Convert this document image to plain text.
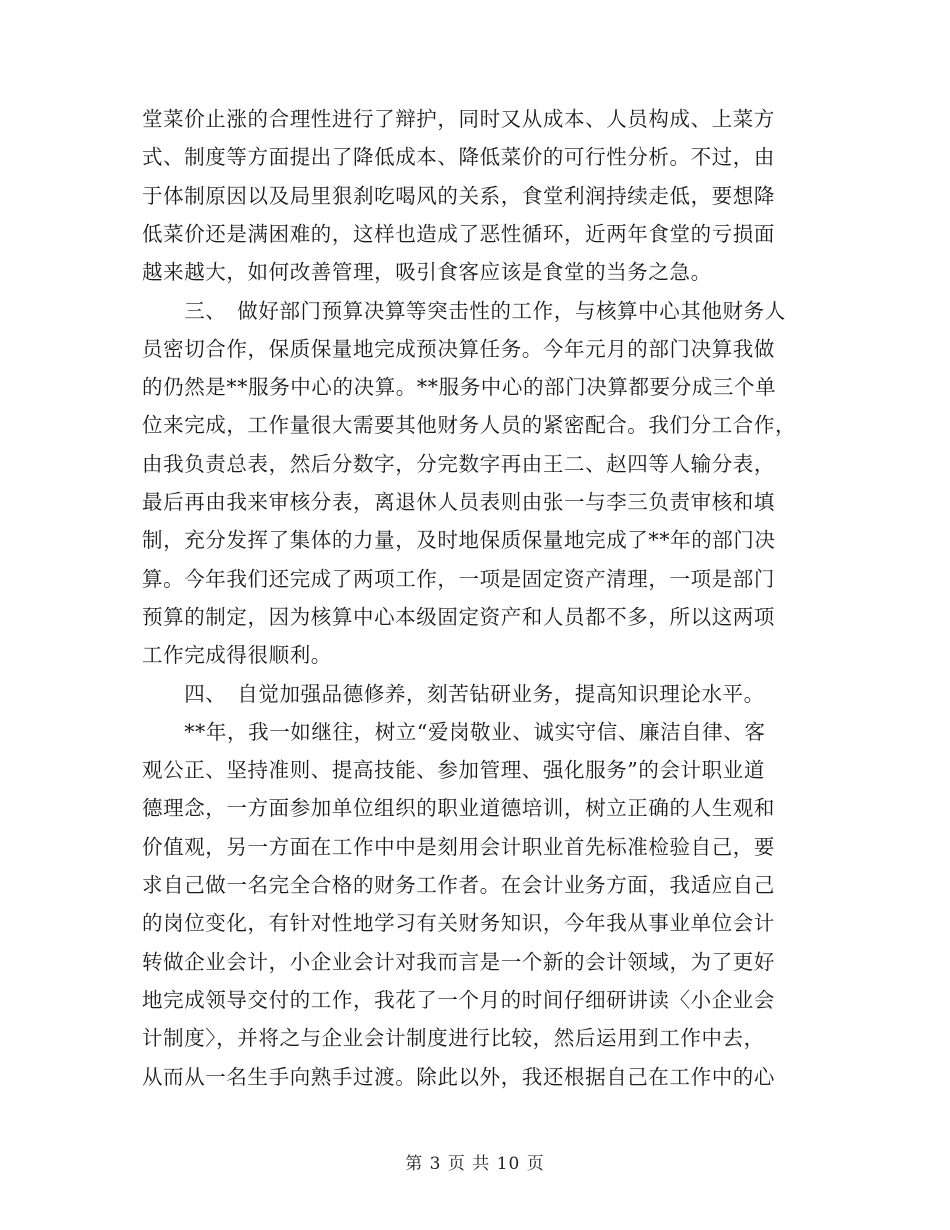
堂菜价止涨的合理性进行了辩护，同时又从成本、人员构成、上菜方
式、制度等方面提出了降低成本、降低菜价的可行性分析。不过，由
于体制原因以及局里狠刹吃喝风的关系，食堂利润持续走低，要想降
低菜价还是满困难的，这样也造成了恶性循环，近两年食堂的亏损面
越来越大，如何改善管理，吸引食客应该是食堂的当务之急。
　　三、　做好部门预算决算等突击性的工作，与核算中心其他财务人
员密切合作，保质保量地完成预决算任务。今年元月的部门决算我做
的仍然是**服务中心的决算。**服务中心的部门决算都要分成三个单
位来完成，工作量很大需要其他财务人员的紧密配合。我们分工合作，
由我负责总表，然后分数字，分完数字再由王二、赵四等人输分表，
最后再由我来审核分表，离退休人员表则由张一与李三负责审核和填
制，充分发挥了集体的力量，及时地保质保量地完成了**年的部门决
算。今年我们还完成了两项工作，一项是固定资产清理，一项是部门
预算的制定，因为核算中心本级固定资产和人员都不多，所以这两项
工作完成得很顺利。
　　四、　自觉加强品德修养，刻苦钻研业务，提高知识理论水平。
　　**年，我一如继往，树立“爱岗敬业、诚实守信、廉洁自律、客
观公正、坚持准则、提高技能、参加管理、强化服务”的会计职业道
德理念，一方面参加单位组织的职业道德培训，树立正确的人生观和
价值观，另一方面在工作中中是刻用会计职业首先标准检验自己，要
求自己做一名完全合格的财务工作者。在会计业务方面，我适应自己
的岗位变化，有针对性地学习有关财务知识，今年我从事业单位会计
转做企业会计，小企业会计对我而言是一个新的会计领域，为了更好
地完成领导交付的工作，我花了一个月的时间仔细研讲读〈小企业会
计制度〉，并将之与企业会计制度进行比较，然后运用到工作中去，
从而从一名生手向熟手过渡。除此以外，我还根据自己在工作中的心
第 3 页 共 10 页
